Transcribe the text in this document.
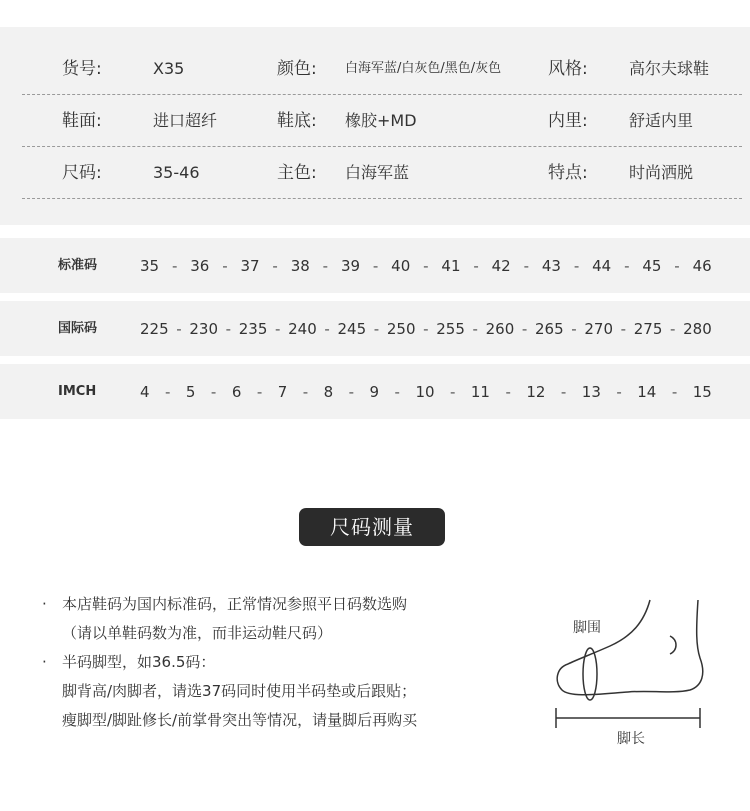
货号:	X35	颜色: 白海军蓝/白灰色/黑色/灰色	风格:	高尔夫球鞋
鞋面:	进口超纤	鞋底: 橡胶+MD	内里:	舒适内里
尺码:	35-46	主色: 白海军蓝	特点:	时尚洒脱
标准码	35 - 36 - 37 - 38 - 39 - 40 - 41 - 42 - 43 - 44 - 45 - 46
国际码	225 - 230 - 235 - 240 - 245 - 250 - 255 - 260 - 265 - 270 - 275 - 280
IMCH	4 - 5 - 6 - 7 - 8 - 9 - 10 - 11 - 12 - 13 - 14 - 15
尺码测量
·	本店鞋码为国内标准码，正常情况参照平日码数选购
（请以单鞋码数为准，而非运动鞋尺码）
·	半码脚型，如36.5码：
脚背高/肉脚者，请选37码同时使用半码垫或后跟贴；
瘦脚型/脚趾修长/前掌骨突出等情况，请量脚后再购买
脚围
脚长
